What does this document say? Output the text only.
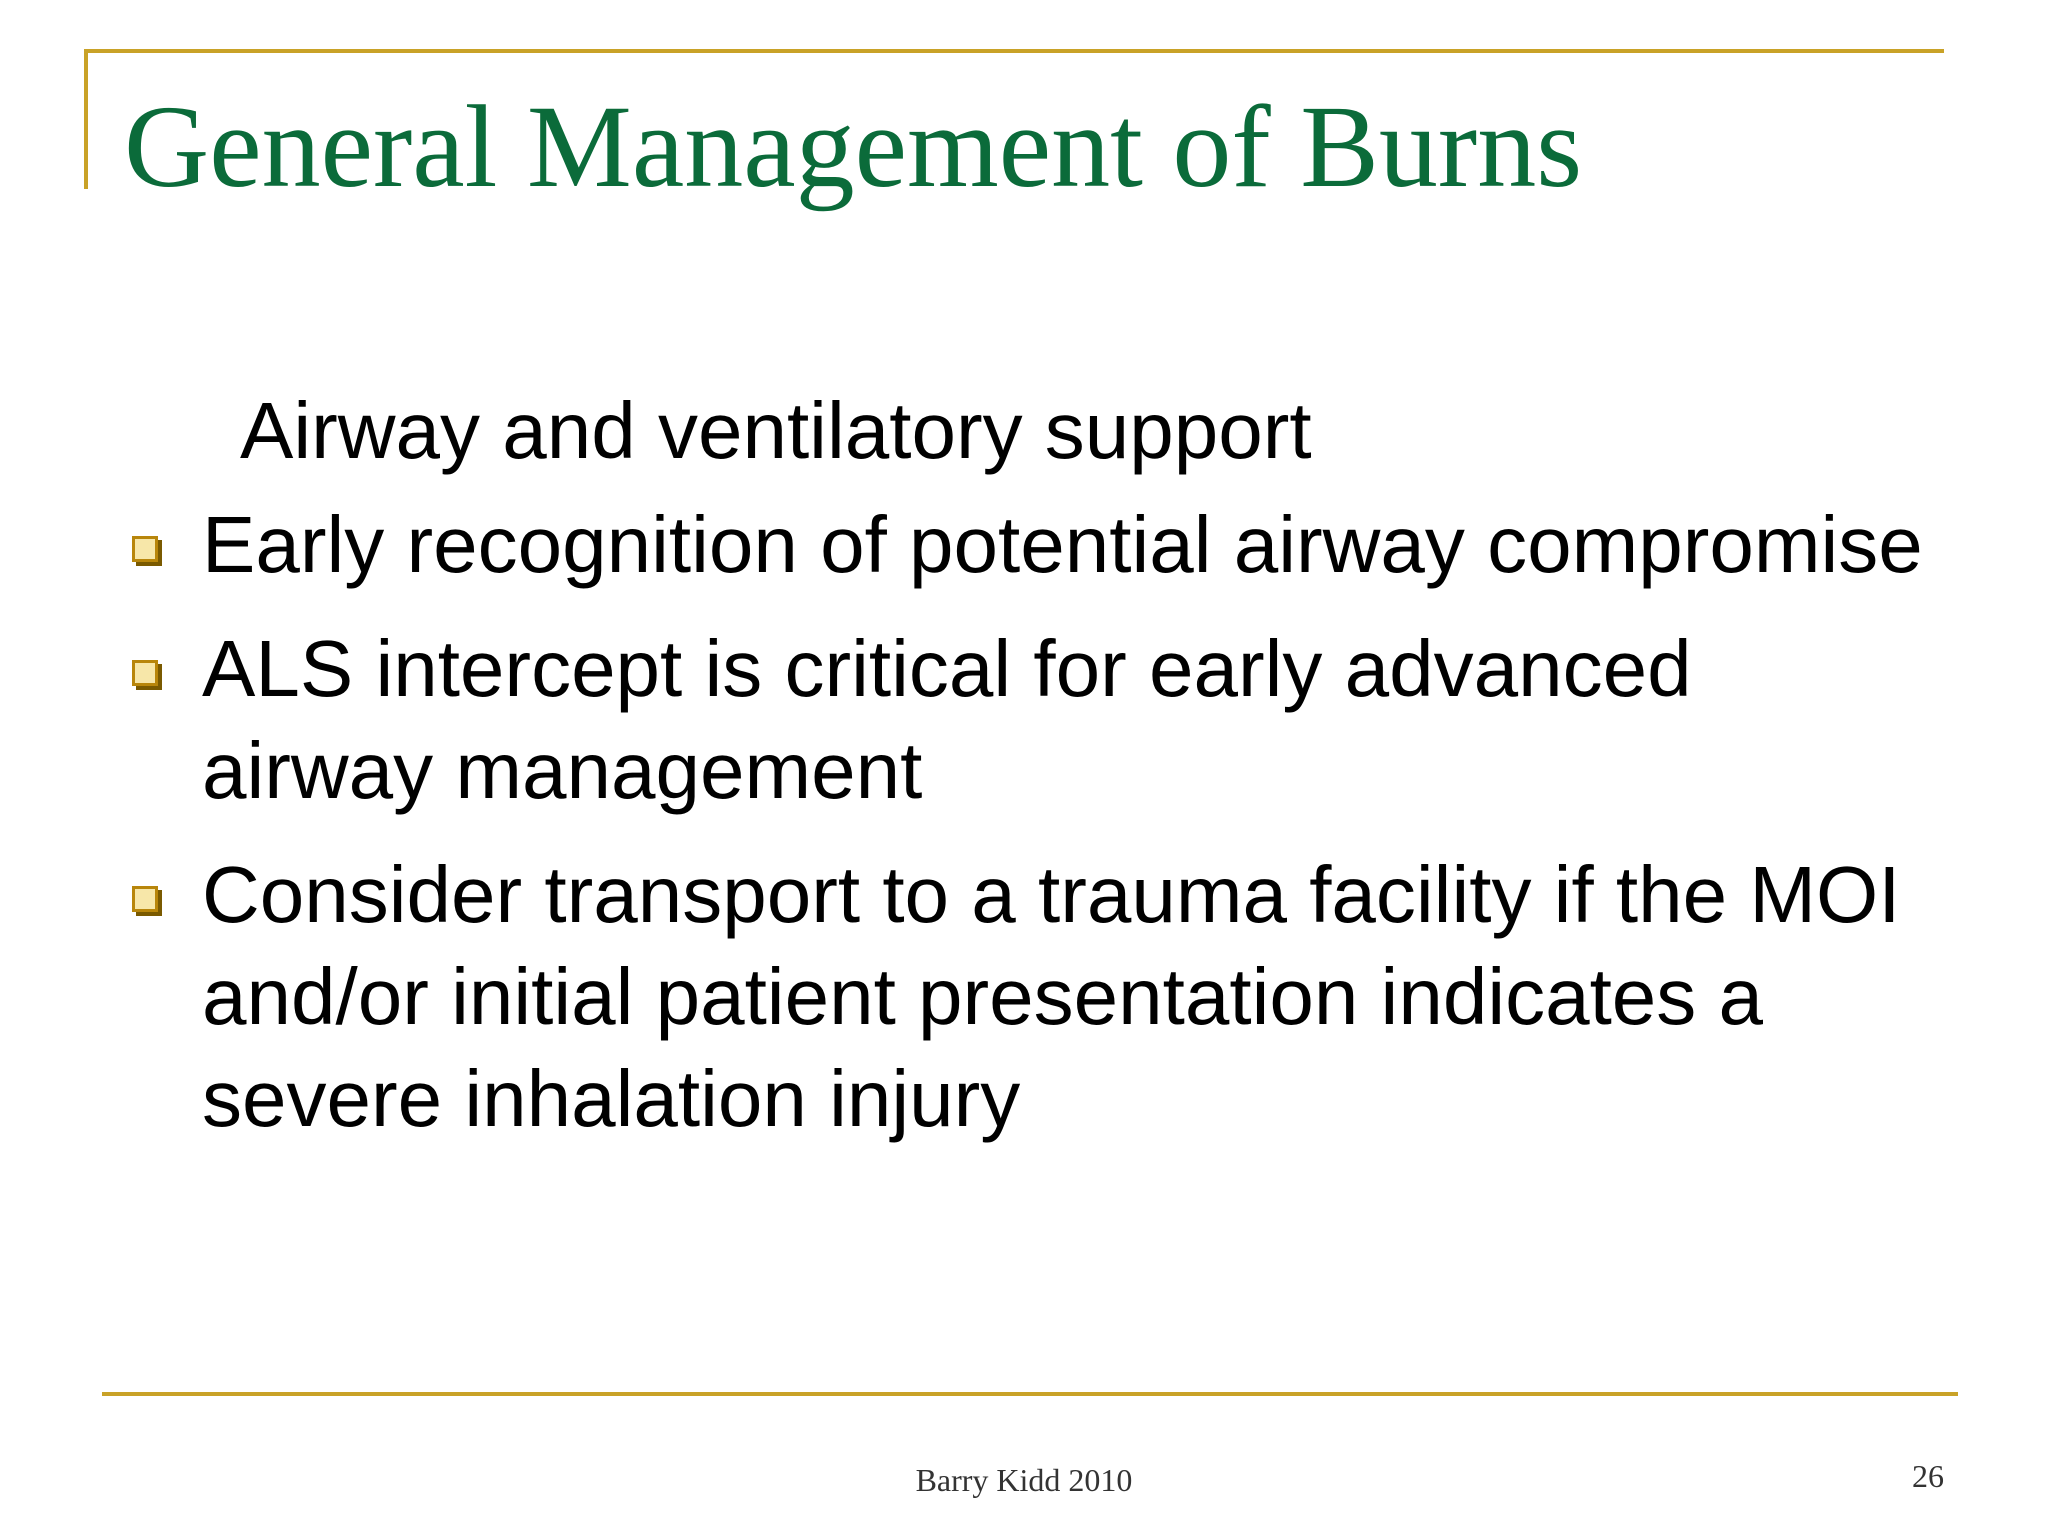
General Management of Burns
Airway and ventilatory support
Early recognition of potential airway compromise
ALS intercept is critical for early advanced airway management
Consider transport to a trauma facility if the MOI and/or initial patient presentation indicates a severe inhalation injury
Barry Kidd 2010	26
